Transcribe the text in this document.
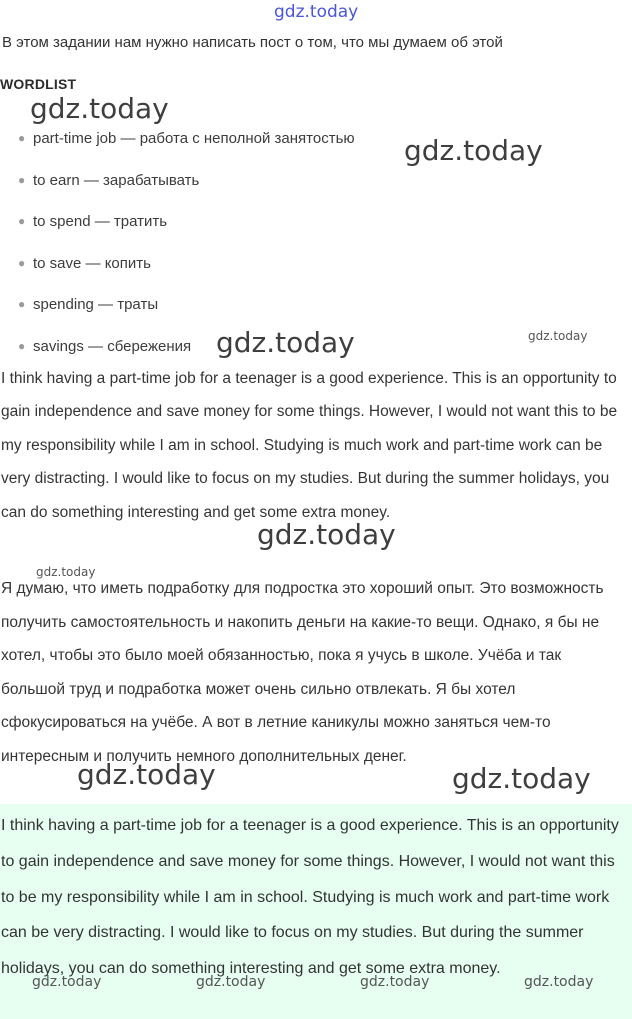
gdz.today
В этом задании нам нужно написать пост о том, что мы думаем об этой
WORDLIST
● part-time job — работа с неполной занятостью
● to earn — зарабатывать
● to spend — тратить
● to save — копить
● spending — траты
● savings — сбережения
I think having a part-time job for a teenager is a good experience. This is an opportunity to gain independence and save money for some things. However, I would not want this to be my responsibility while I am in school. Studying is much work and part-time work can be very distracting. I would like to focus on my studies. But during the summer holidays, you can do something interesting and get some extra money.
Я думаю, что иметь подработку для подростка это хороший опыт. Это возможность получить самостоятельность и накопить деньги на какие-то вещи. Однако, я бы не хотел, чтобы это было моей обязанностью, пока я учусь в школе. Учёба и так большой труд и подработка может очень сильно отвлекать. Я бы хотел сфокусироваться на учёбе. А вот в летние каникулы можно заняться чем-то интересным и получить немного дополнительных денег.
I think having a part-time job for a teenager is a good experience. This is an opportunity to gain independence and save money for some things. However, I would not want this to be my responsibility while I am in school. Studying is much work and part-time work can be very distracting. I would like to focus on my studies. But during the summer holidays, you can do something interesting and get some extra money.
gdz.today
gdz.today
gdz.today	gdz.today
gdz.today
gdz.today
gdz.today	gdz.today
gdz.today	gdz.today	gdz.today	gdz.today
